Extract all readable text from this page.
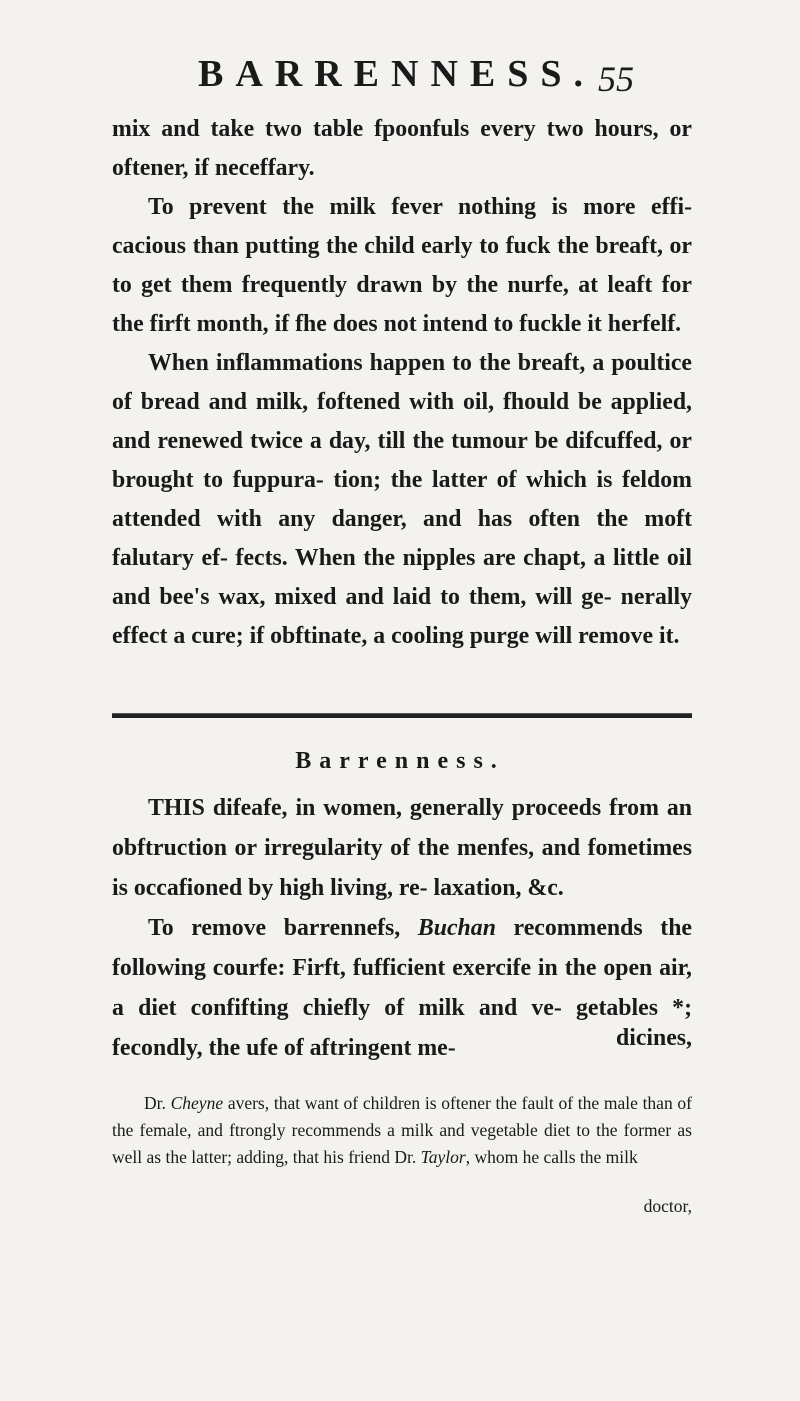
BARRENNESS. 55

mix and take two table fpoonfuls every two hours, or oftener, if neceffary.

To prevent the milk fever nothing is more effi- cacious than putting the child early to fuck the breaft, or to get them frequently drawn by the nurfe, at leaft for the firft month, if fhe does not intend to fuckle it herfelf.

When inflammations happen to the breaft, a poultice of bread and milk, foftened with oil, fhould be applied, and renewed twice a day, till the tumour be difcuffed, or brought to fuppura- tion; the latter of which is feldom attended with any danger, and has often the moft falutary ef- fects. When the nipples are chapt, a little oil and bee's wax, mixed and laid to them, will ge- nerally effect a cure; if obftinate, a cooling purge will remove it.

Barrenness.

THIS difeafe, in women, generally proceeds from an obftruction or irregularity of the menfes, and fometimes is occafioned by high living, re- laxation, &c.

To remove barrennefs, Buchan recommends the following courfe: Firft, fufficient exercife in the open air, a diet confifting chiefly of milk and ve- getables *; fecondly, the ufe of aftringent me-	dicines,

Dr. Cheyne avers, that want of children is oftener the fault of the male than of the female, and ftrongly recommends a milk and vegetable diet to the former as well as the latter; adding, that his friend Dr. Taylor, whom he calls the milk

doctor,
